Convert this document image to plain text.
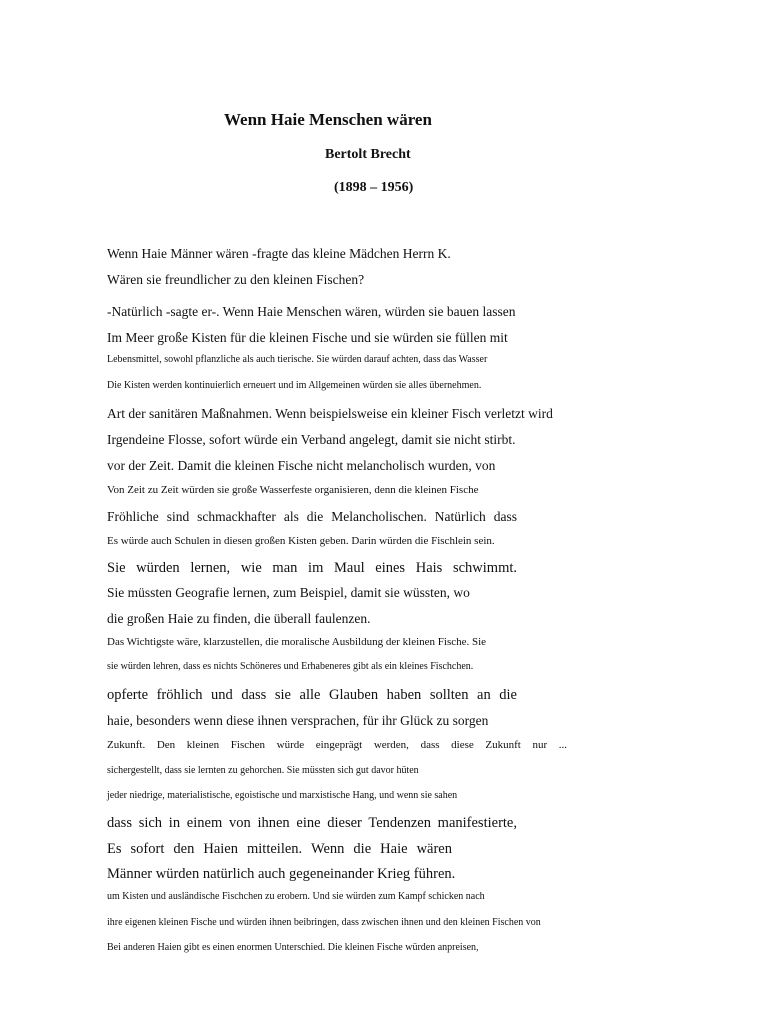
Wenn Haie Menschen wären
Bertolt Brecht
(1898 – 1956)
Wenn Haie Männer wären -fragte das kleine Mädchen Herrn K.
Wären sie freundlicher zu den kleinen Fischen?
-Natürlich -sagte er-. Wenn Haie Menschen wären, würden sie bauen lassen
Im Meer große Kisten für die kleinen Fische und sie würden sie füllen mit
Lebensmittel, sowohl pflanzliche als auch tierische. Sie würden darauf achten, dass das Wasser
Die Kisten werden kontinuierlich erneuert und im Allgemeinen würden sie alles übernehmen.
Art der sanitären Maßnahmen. Wenn beispielsweise ein kleiner Fisch verletzt wird
Irgendeine Flosse, sofort würde ein Verband angelegt, damit sie nicht stirbt.
vor der Zeit. Damit die kleinen Fische nicht melancholisch wurden, von
Von Zeit zu Zeit würden sie große Wasserfeste organisieren, denn die kleinen Fische
Fröhliche sind schmackhafter als die Melancholischen. Natürlich dass
Es würde auch Schulen in diesen großen Kisten geben. Darin würden die Fischlein sein.
Sie würden lernen, wie man im Maul eines Hais schwimmt.
Sie müssten Geografie lernen, zum Beispiel, damit sie wüssten, wo
die großen Haie zu finden, die überall faulenzen.
Das Wichtigste wäre, klarzustellen, die moralische Ausbildung der kleinen Fische. Sie
sie würden lehren, dass es nichts Schöneres und Erhabeneres gibt als ein kleines Fischchen.
opferte fröhlich und dass sie alle Glauben haben sollten an die
haie, besonders wenn diese ihnen versprachen, für ihr Glück zu sorgen
Zukunft. Den kleinen Fischen würde eingeprägt werden, dass diese Zukunft nur ...
sichergestellt, dass sie lernten zu gehorchen. Sie müssten sich gut davor hüten
jeder niedrige, materialistische, egoistische und marxistische Hang, und wenn sie sahen
dass sich in einem von ihnen eine dieser Tendenzen manifestierte,
Es sofort den Haien mitteilen. Wenn die Haie wären
Männer würden natürlich auch gegeneinander Krieg führen.
um Kisten und ausländische Fischchen zu erobern. Und sie würden zum Kampf schicken nach
ihre eigenen kleinen Fische und würden ihnen beibringen, dass zwischen ihnen und den kleinen Fischen von
Bei anderen Haien gibt es einen enormen Unterschied. Die kleinen Fische würden anpreisen,
